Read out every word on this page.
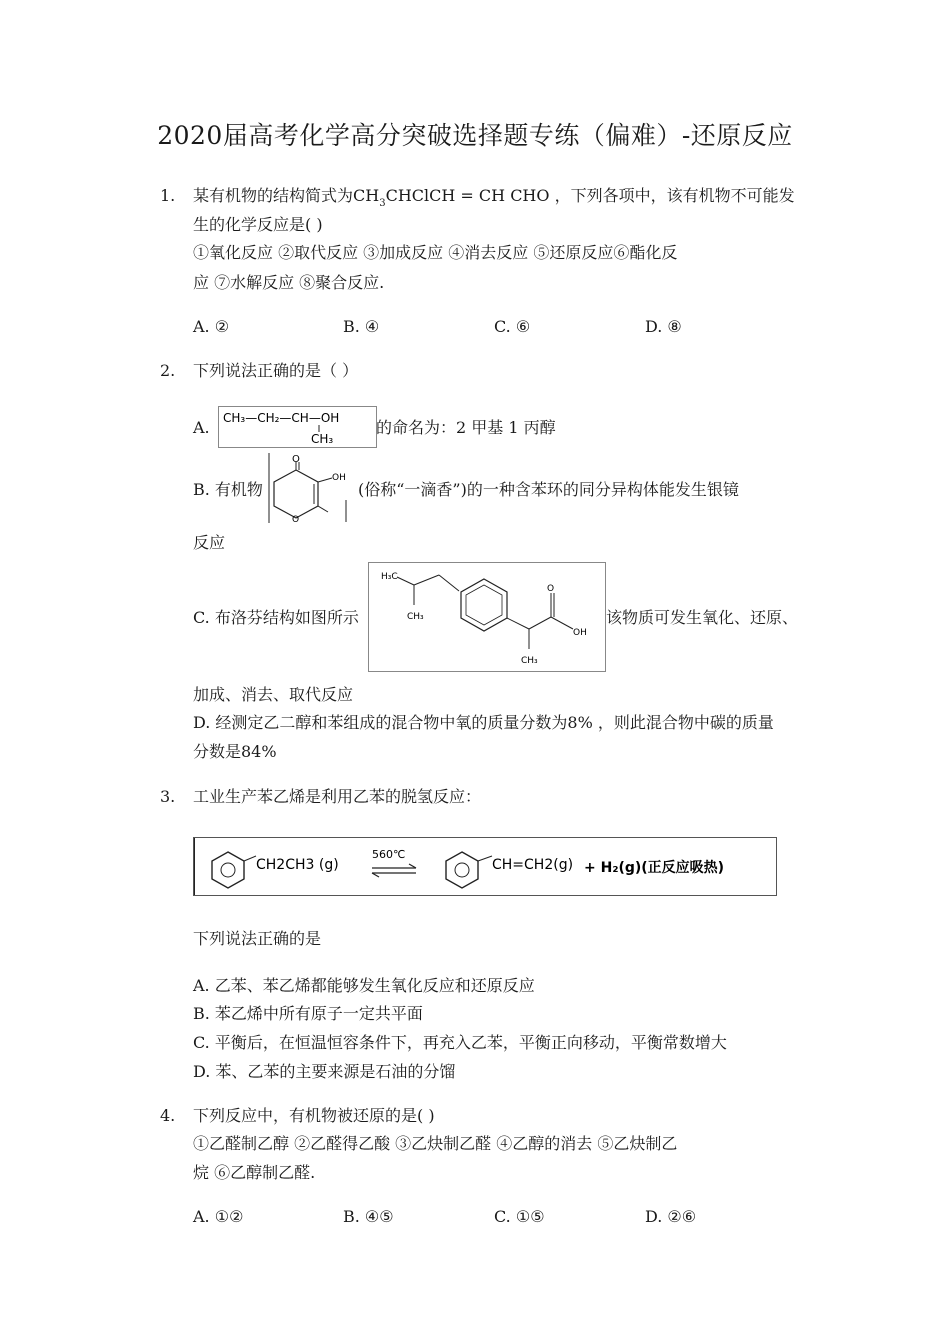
2020届高考化学高分突破选择题专练（偏难）-还原反应
1. 某有机物的结构简式为$CH_3CHClCH$ = CH CHO ，下列各项中，该有机物不可能发
生的化学反应是( )
①氧化反应 ②取代反应 ③加成反应 ④消去反应 ⑤还原反应⑥酯化反
应 ⑦水解反应 ⑧聚合反应.
A. ②	B. ④	C. ⑥	D. ⑧
2. 下列说法正确的是（ ）
A. CH₃—CH₂—CH—OH
CH₃
的命名为：2 甲基 1 丙醇
B. 有机物
O
OH
O
(俗称“一滴香”)的一种含苯环的同分异构体能发生银镜
反应
C. 布洛芬结构如图所示
H₃C
CH₃
O
OH
CH₃
该物质可发生氧化、还原、
加成、消去、取代反应
D. 经测定乙二醇和苯组成的混合物中氧的质量分数为8% ，则此混合物中碳的质量
分数是84%
3. 工业生产苯乙烯是利用乙苯的脱氢反应：
CH2CH3 (g)
560℃
CH=CH2(g) + H₂(g)(正反应吸热)
下列说法正确的是
A. 乙苯、苯乙烯都能够发生氧化反应和还原反应
B. 苯乙烯中所有原子一定共平面
C. 平衡后，在恒温恒容条件下，再充入乙苯，平衡正向移动，平衡常数增大
D. 苯、乙苯的主要来源是石油的分馏
4. 下列反应中，有机物被还原的是( )
①乙醛制乙醇 ②乙醛得乙酸 ③乙炔制乙醛 ④乙醇的消去 ⑤乙炔制乙
烷 ⑥乙醇制乙醛.
A. ①②	B. ④⑤	C. ①⑤	D. ②⑥
